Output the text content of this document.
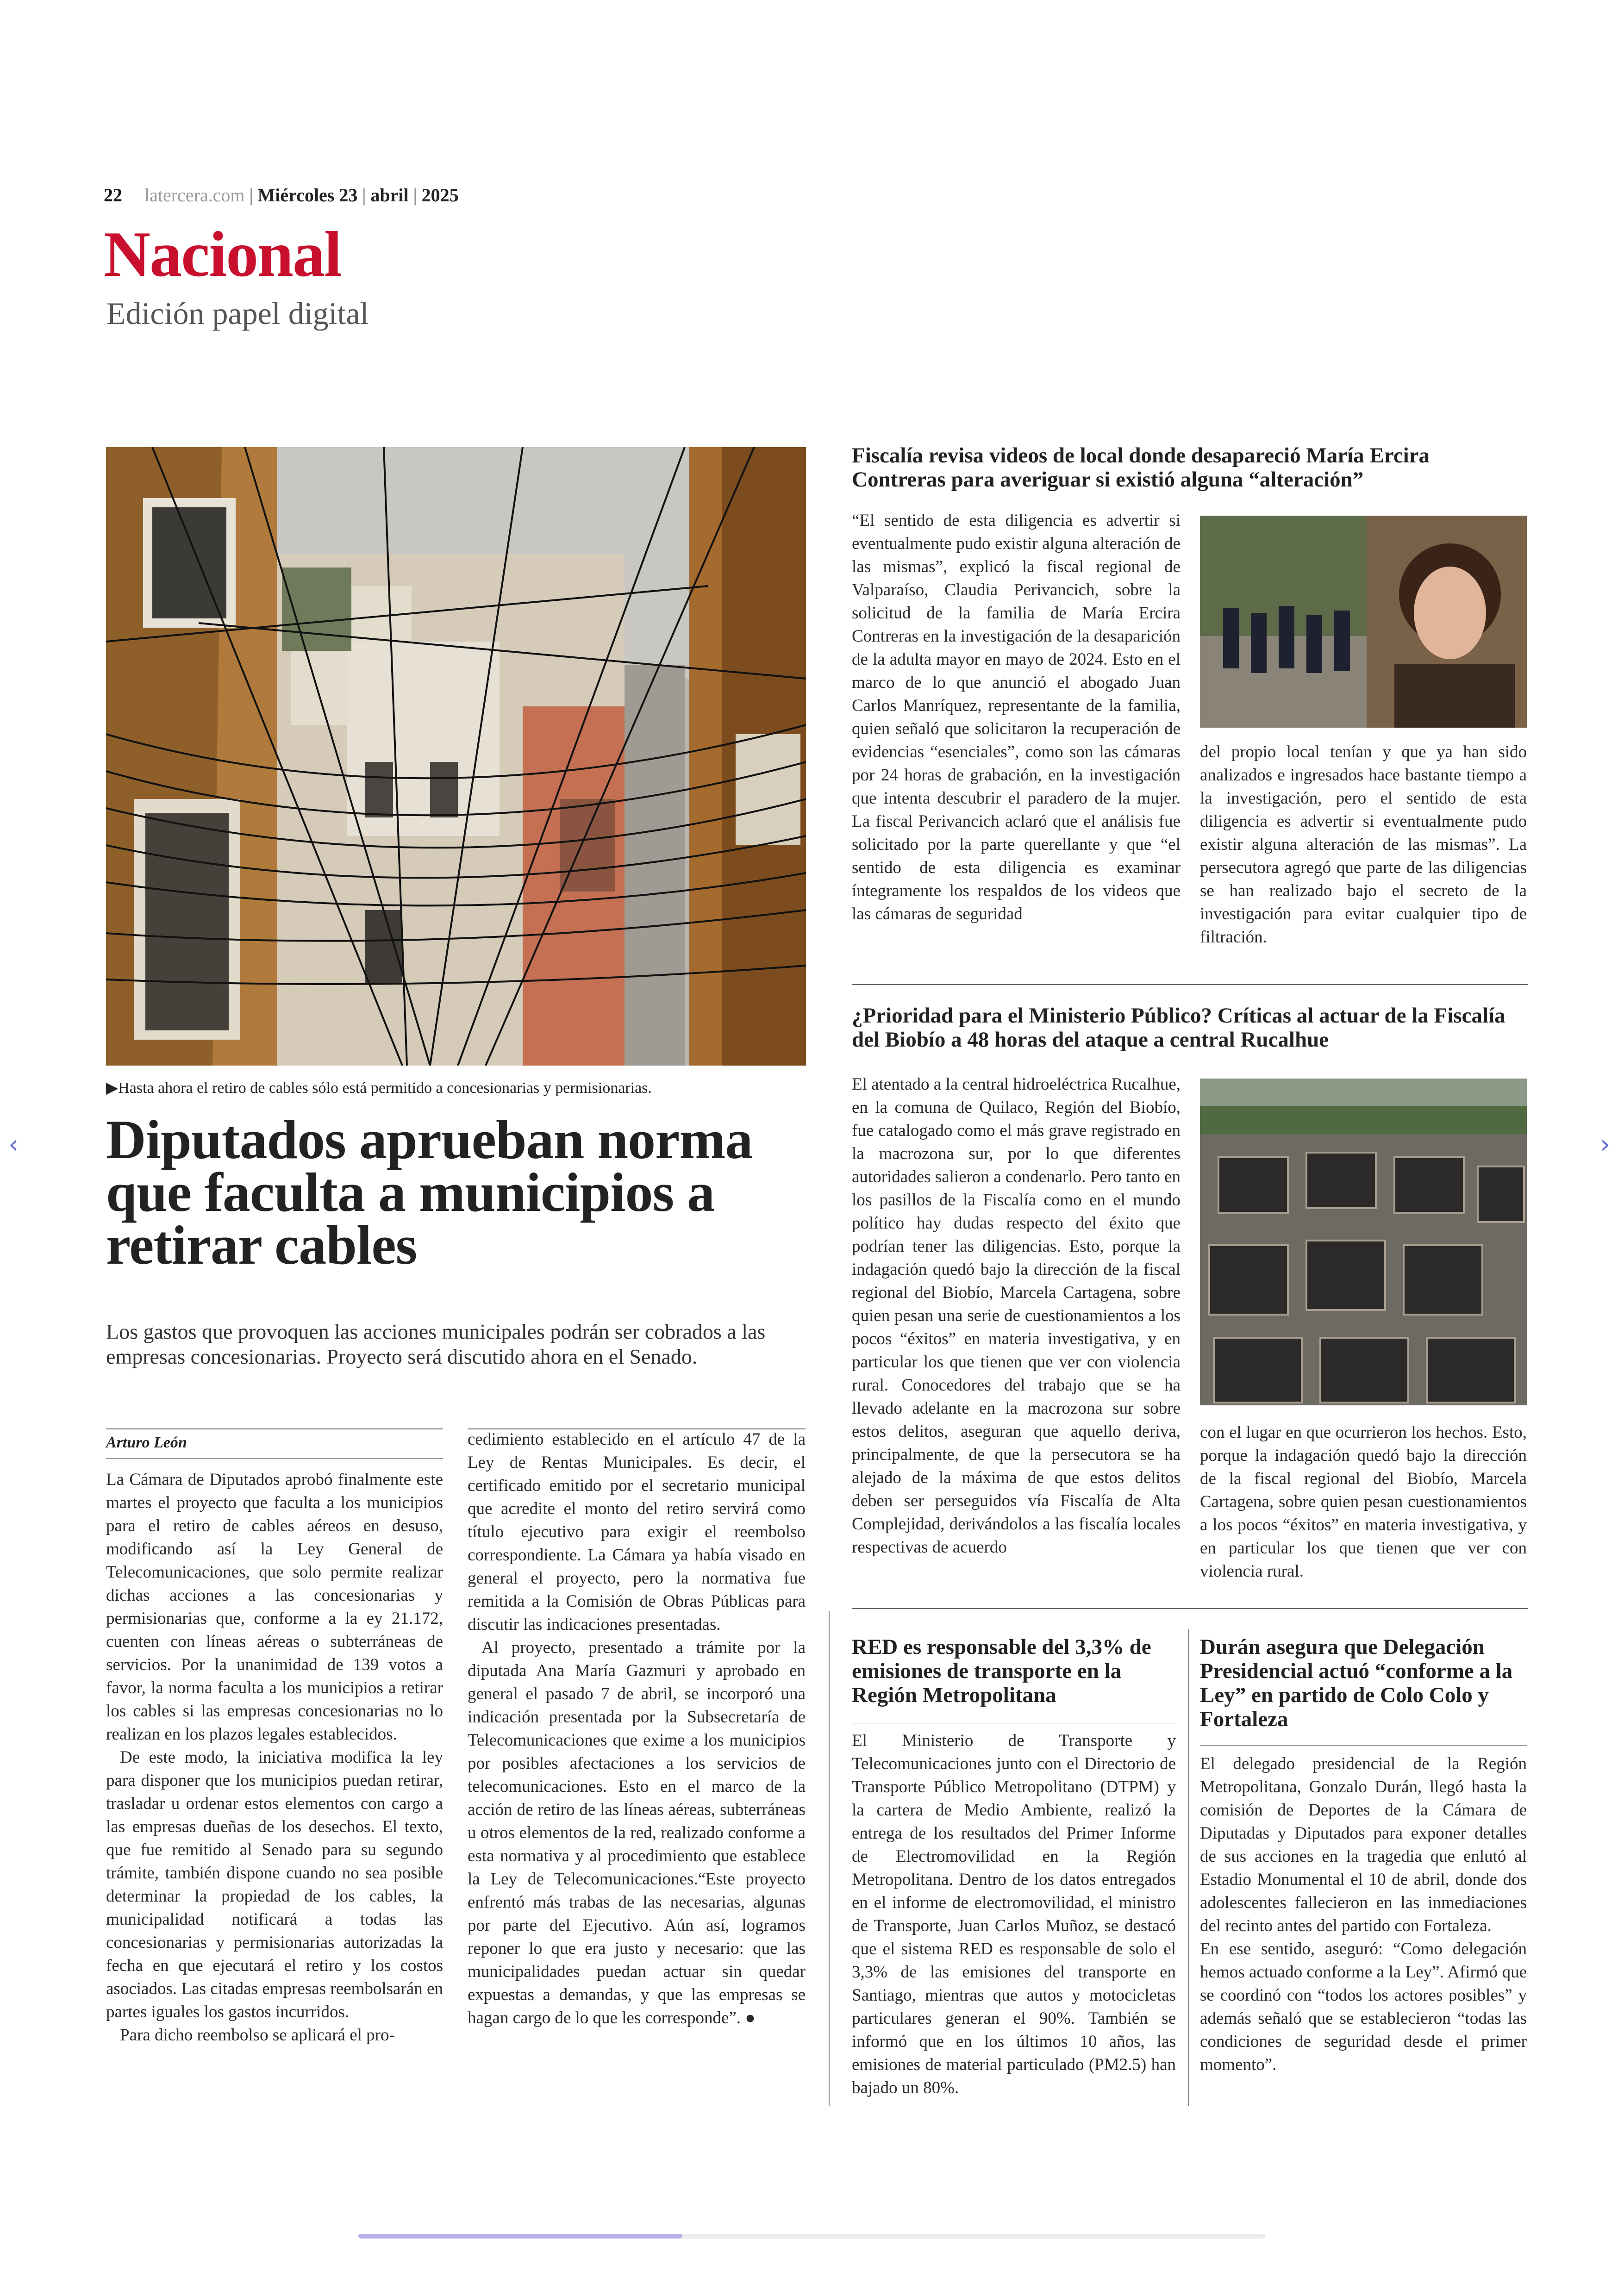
22 latercera.com | Miércoles 23 | abril | 2025
Nacional
Edición papel digital
▶Hasta ahora el retiro de cables sólo está permitido a concesionarias y permisionarias.
Diputados aprueban norma que faculta a municipios a retirar cables
Los gastos que provoquen las acciones municipales podrán ser cobrados a las empresas concesionarias. Proyecto será discutido ahora en el Senado.
Arturo León

La Cámara de Diputados aprobó finalmente este martes el proyecto que faculta a los municipios para el retiro de cables aéreos en desuso, modificando así la Ley General de Telecomunicaciones, que solo permite realizar dichas acciones a las concesionarias y permisionarias que, conforme a la ey 21.172, cuenten con líneas aéreas o subterráneas de servicios. Por la unanimidad de 139 votos a favor, la norma faculta a los municipios a retirar los cables si las empresas concesionarias no lo realizan en los plazos legales establecidos.

De este modo, la iniciativa modifica la ley para disponer que los municipios puedan retirar, trasladar u ordenar estos elementos con cargo a las empresas dueñas de los desechos. El texto, que fue remitido al Senado para su segundo trámite, también dispone cuando no sea posible determinar la propiedad de los cables, la municipalidad notificará a todas las concesionarias y permisionarias autorizadas la fecha en que ejecutará el retiro y los costos asociados. Las citadas empresas reembolsarán en partes iguales los gastos incurridos.

Para dicho reembolso se aplicará el pro-

cedimiento establecido en el artículo 47 de la Ley de Rentas Municipales. Es decir, el certificado emitido por el secretario municipal que acredite el monto del retiro servirá como título ejecutivo para exigir el reembolso correspondiente. La Cámara ya había visado en general el proyecto, pero la normativa fue remitida a la Comisión de Obras Públicas para discutir las indicaciones presentadas.

Al proyecto, presentado a trámite por la diputada Ana María Gazmuri y aprobado en general el pasado 7 de abril, se incorporó una indicación presentada por la Subsecretaría de Telecomunicaciones que exime a los municipios por posibles afectaciones a los servicios de telecomunicaciones. Esto en el marco de la acción de retiro de las líneas aéreas, subterráneas u otros elementos de la red, realizado conforme a esta normativa y al procedimiento que establece la Ley de Telecomunicaciones.“Este proyecto enfrentó más trabas de las necesarias, algunas por parte del Ejecutivo. Aún así, logramos reponer lo que era justo y necesario: que las municipalidades puedan actuar sin quedar expuestas a demandas, y que las empresas se hagan cargo de lo que les corresponde”. ●

Fiscalía revisa videos de local donde desapareció María Ercira Contreras para averiguar si existió alguna “alteración”

“El sentido de esta diligencia es advertir si eventualmente pudo existir alguna alteración de las mismas”, explicó la fiscal regional de Valparaíso, Claudia Perivancich, sobre la solicitud de la familia de María Ercira Contreras en la investigación de la desaparición de la adulta mayor en mayo de 2024. Esto en el marco de lo que anunció el abogado Juan Carlos Manríquez, representante de la familia, quien señaló que solicitaron la recuperación de evidencias “esenciales”, como son las cámaras por 24 horas de grabación, en la investigación que intenta descubrir el paradero de la mujer. La fiscal Perivancich aclaró que el análisis fue solicitado por la parte querellante y que “el sentido de esta diligencia es examinar íntegramente los respaldos de los videos que las cámaras de seguridad

del propio local tenían y que ya han sido analizados e ingresados hace bastante tiempo a la investigación, pero el sentido de esta diligencia es advertir si eventualmente pudo existir alguna alteración de las mismas”. La persecutora agregó que parte de las diligencias se han realizado bajo el secreto de la investigación para evitar cualquier tipo de filtración.

¿Prioridad para el Ministerio Público? Críticas al actuar de la Fiscalía del Biobío a 48 horas del ataque a central Rucalhue

El atentado a la central hidroeléctrica Rucalhue, en la comuna de Quilaco, Región del Biobío, fue catalogado como el más grave registrado en la macrozona sur, por lo que diferentes autoridades salieron a condenarlo. Pero tanto en los pasillos de la Fiscalía como en el mundo político hay dudas respecto del éxito que podrían tener las diligencias. Esto, porque la indagación quedó bajo la dirección de la fiscal regional del Biobío, Marcela Cartagena, sobre quien pesan una serie de cuestionamientos a los pocos “éxitos” en materia investigativa, y en particular los que tienen que ver con violencia rural. Conocedores del trabajo que se ha llevado adelante en la macrozona sur sobre estos delitos, aseguran que aquello deriva, principalmente, de que la persecutora se ha alejado de la máxima de que estos delitos deben ser perseguidos vía Fiscalía de Alta Complejidad, derivándolos a las fiscalía locales respectivas de acuerdo

con el lugar en que ocurrieron los hechos. Esto, porque la indagación quedó bajo la dirección de la fiscal regional del Biobío, Marcela Cartagena, sobre quien pesan cuestionamientos a los pocos “éxitos” en materia investigativa, y en particular los que tienen que ver con violencia rural.

RED es responsable del 3,3% de emisiones de transporte en la Región Metropolitana

El Ministerio de Transporte y Telecomunicaciones junto con el Directorio de Transporte Público Metropolitano (DTPM) y la cartera de Medio Ambiente, realizó la entrega de los resultados del Primer Informe de Electromovilidad en la Región Metropolitana. Dentro de los datos entregados en el informe de electromovilidad, el ministro de Transporte, Juan Carlos Muñoz, se destacó que el sistema RED es responsable de solo el 3,3% de las emisiones del transporte en Santiago, mientras que autos y motocicletas particulares generan el 90%. También se informó que en los últimos 10 años, las emisiones de material particulado (PM2.5) han bajado un 80%.

Durán asegura que Delegación Presidencial actuó “conforme a la Ley” en partido de Colo Colo y Fortaleza

El delegado presidencial de la Región Metropolitana, Gonzalo Durán, llegó hasta la comisión de Deportes de la Cámara de Diputadas y Diputados para exponer detalles de sus acciones en la tragedia que enlutó al Estadio Monumental el 10 de abril, donde dos adolescentes fallecieron en las inmediaciones del recinto antes del partido con Fortaleza.

En ese sentido, aseguró: “Como delegación hemos actuado conforme a la Ley”. Afirmó que se coordinó con “todos los actores posibles” y además señaló que se establecieron “todas las condiciones de seguridad desde el primer momento”.

‹	›
